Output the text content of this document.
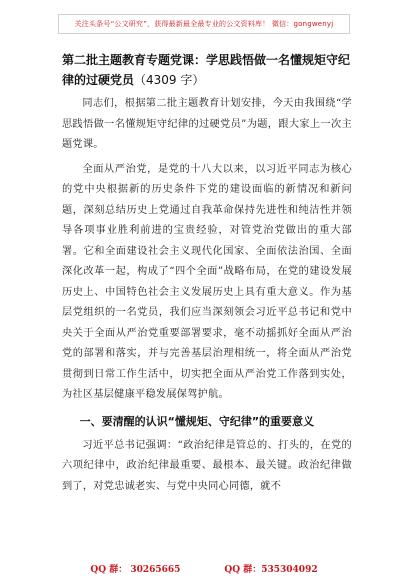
关注头条号“公文研究”，获得最新最全最专业的公文资料库！ 微信：gongwenyj
第二批主题教育专题党课：学思践悟做一名懂规矩守纪律的过硬党员（4309 字）

同志们，根据第二批主题教育计划安排，今天由我围绕“学思践悟做一名懂规矩守纪律的过硬党员”为题，跟大家上一次主题党课。

全面从严治党，是党的十八大以来，以习近平同志为核心的党中央根据新的历史条件下党的建设面临的新情况和新问题，深刻总结历史上党通过自我革命保持先进性和纯洁性并领导各项事业胜利前进的宝贵经验，对管党治党做出的重大部署。它和全面建设社会主义现代化国家、全面依法治国、全面深化改革一起，构成了“四个全面”战略布局，在党的建设发展历史上、中国特色社会主义发展历史上具有重大意义。作为基层党组织的一名党员，我们应当深刻领会习近平总书记和党中央关于全面从严治党重要部署要求，毫不动摇抓好全面从严治党的部署和落实，并与完善基层治理相统一，将全面从严治党贯彻到日常工作生活中，切实把全面从严治党工作落到实处，为社区基层健康平稳发展保驾护航。

一、要清醒的认识“懂规矩、守纪律”的重要意义

习近平总书记强调：“政治纪律是管总的、打头的，在党的六项纪律中，政治纪律最重要、最根本、最关键。政治纪律做到了，对党忠诚老实、与党中央同心同德，就不

QQ 群： 30265665	QQ 群：535304092
